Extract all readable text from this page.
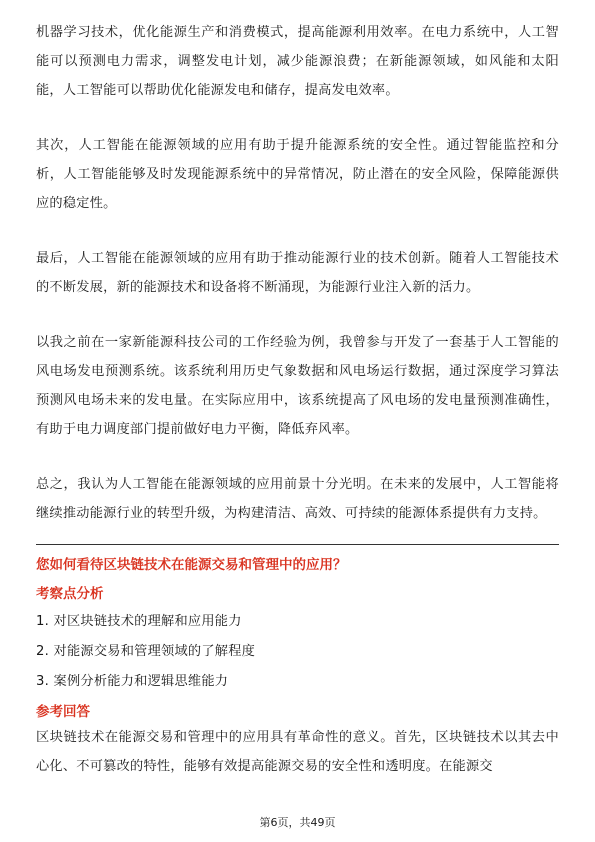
机器学习技术，优化能源生产和消费模式，提高能源利用效率。在电力系统中，人工智能可以预测电力需求，调整发电计划，减少能源浪费；在新能源领域，如风能和太阳能，人工智能可以帮助优化能源发电和储存，提高发电效率。

其次，人工智能在能源领域的应用有助于提升能源系统的安全性。通过智能监控和分析，人工智能能够及时发现能源系统中的异常情况，防止潜在的安全风险，保障能源供应的稳定性。

最后，人工智能在能源领域的应用有助于推动能源行业的技术创新。随着人工智能技术的不断发展，新的能源技术和设备将不断涌现，为能源行业注入新的活力。

以我之前在一家新能源科技公司的工作经验为例，我曾参与开发了一套基于人工智能的风电场发电预测系统。该系统利用历史气象数据和风电场运行数据，通过深度学习算法预测风电场未来的发电量。在实际应用中，该系统提高了风电场的发电量预测准确性，有助于电力调度部门提前做好电力平衡，降低弃风率。

总之，我认为人工智能在能源领域的应用前景十分光明。在未来的发展中，人工智能将继续推动能源行业的转型升级，为构建清洁、高效、可持续的能源体系提供有力支持。

您如何看待区块链技术在能源交易和管理中的应用？

考察点分析

1. 对区块链技术的理解和应用能力
2. 对能源交易和管理领域的了解程度
3. 案例分析能力和逻辑思维能力

参考回答

区块链技术在能源交易和管理中的应用具有革命性的意义。首先，区块链技术以其去中心化、不可篡改的特性，能够有效提高能源交易的安全性和透明度。在能源交

第6页，共49页
